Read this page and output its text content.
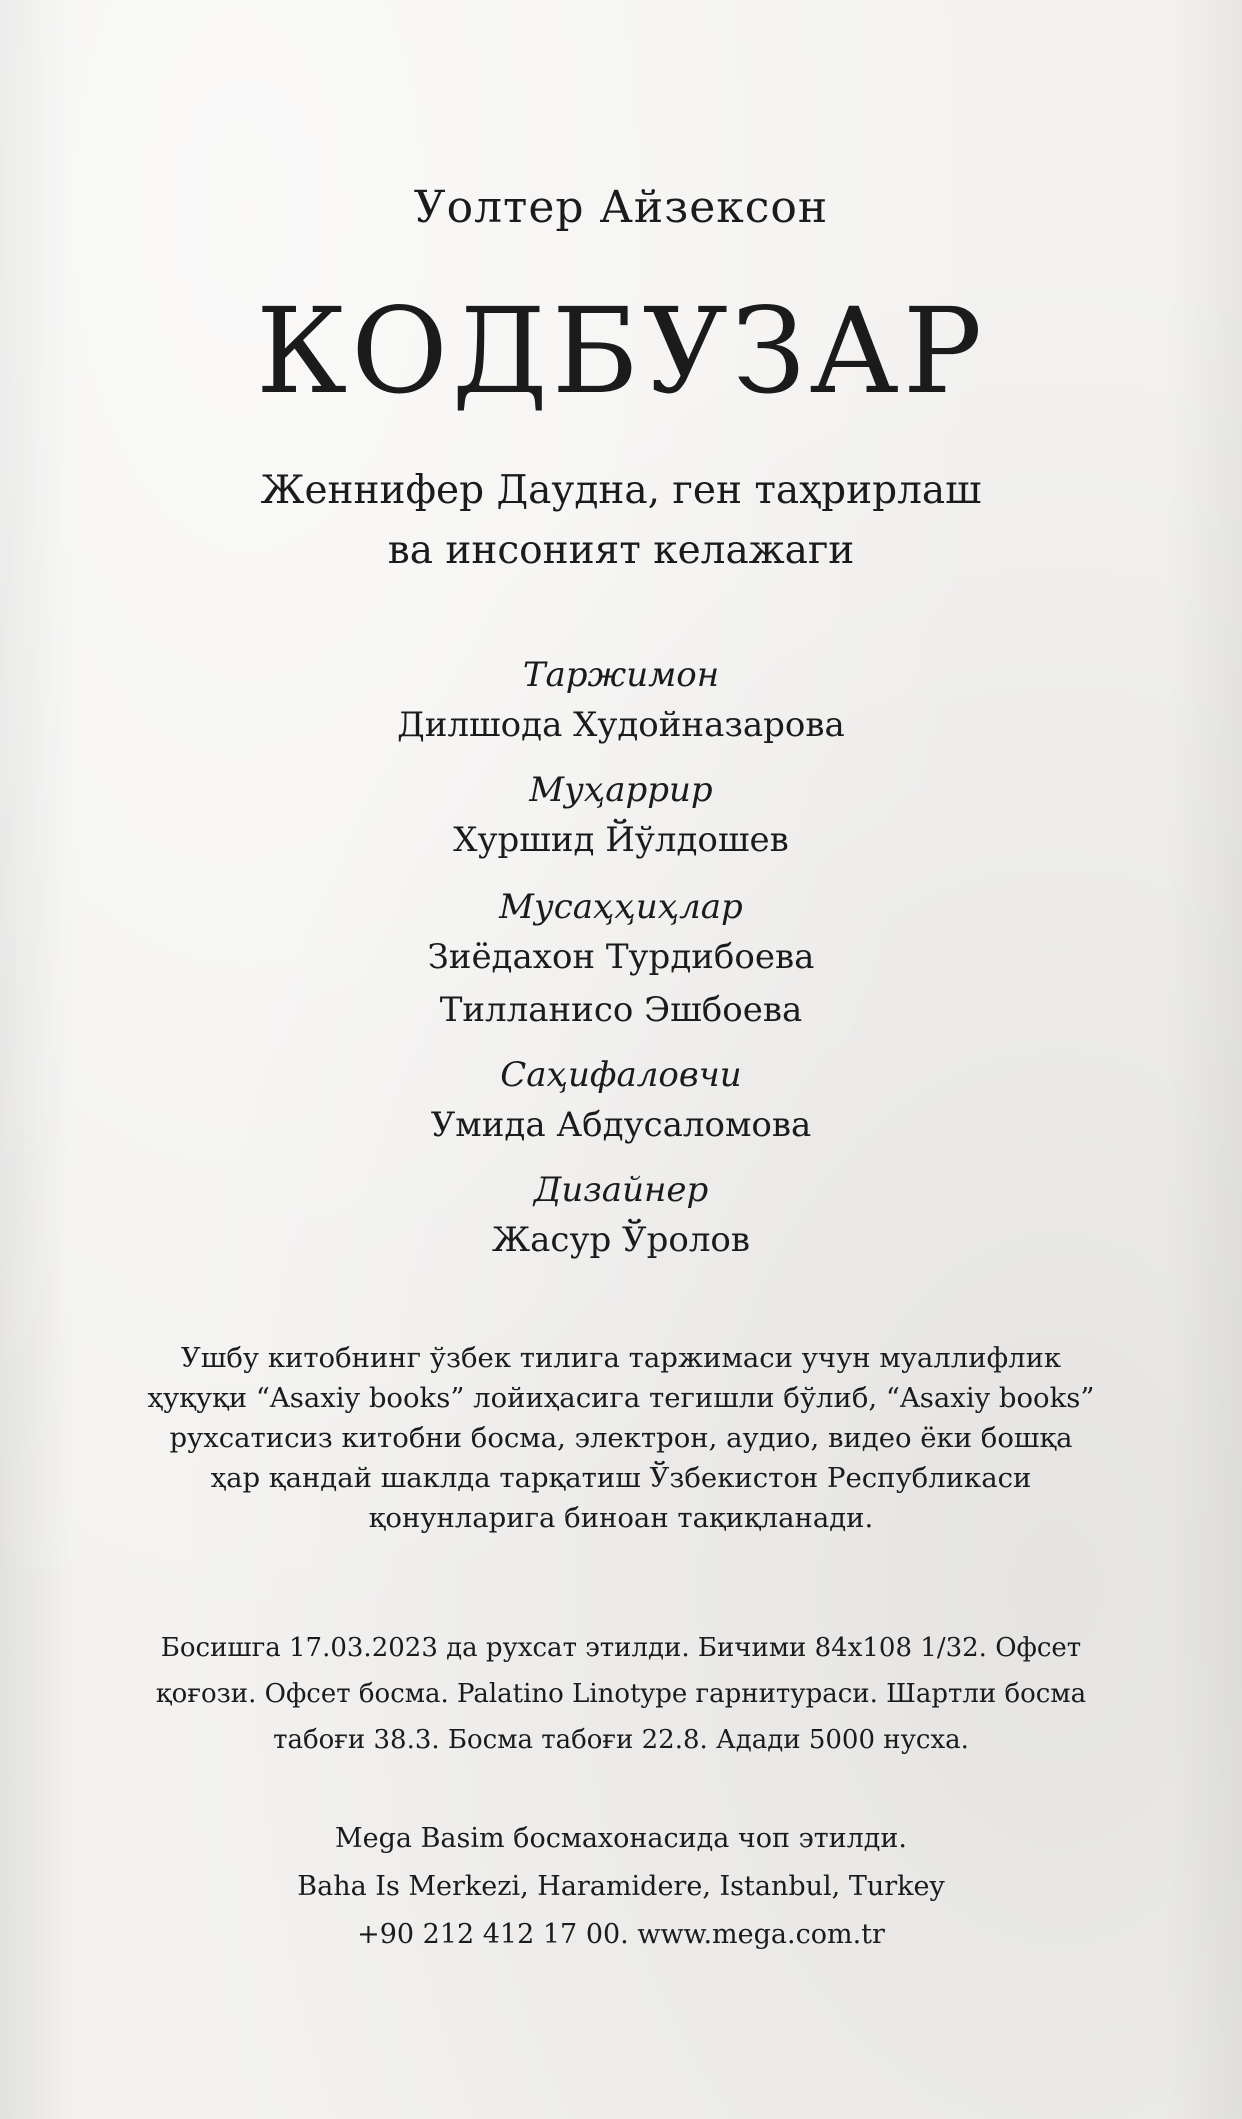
Уолтер Айзексон
КОДБУЗАР
Женнифер Даудна, ген таҳрирлаш
ва инсоният келажаги
Таржимон
Дилшода Худойназарова
Муҳаррир
Хуршид Йўлдошев
Мусаҳҳиҳлар
Зиёдахон Турдибоева
Тилланисо Эшбоева
Саҳифаловчи
Умида Абдусаломова
Дизайнер
Жасур Ўролов
Ушбу китобнинг ўзбек тилига таржимаси учун муаллифлик
ҳуқуқи “Asaxiy books” лойиҳасига тегишли бўлиб, “Asaxiy books”
рухсатисиз китобни босма, электрон, аудио, видео ёки бошқа
ҳар қандай шаклда тарқатиш Ўзбекистон Республикаси
қонунларига биноан тақиқланади.
Босишга 17.03.2023 да рухсат этилди. Бичими 84x108 1/32. Офсет
қоғози. Офсет босма. Palatino Linotype гарнитураси. Шартли босма
табоғи 38.3. Босма табоғи 22.8. Адади 5000 нусха.
Mega Basim босмахонасида чоп этилди.
Baha Is Merkezi, Haramidere, Istanbul, Turkey
+90 212 412 17 00. www.mega.com.tr
